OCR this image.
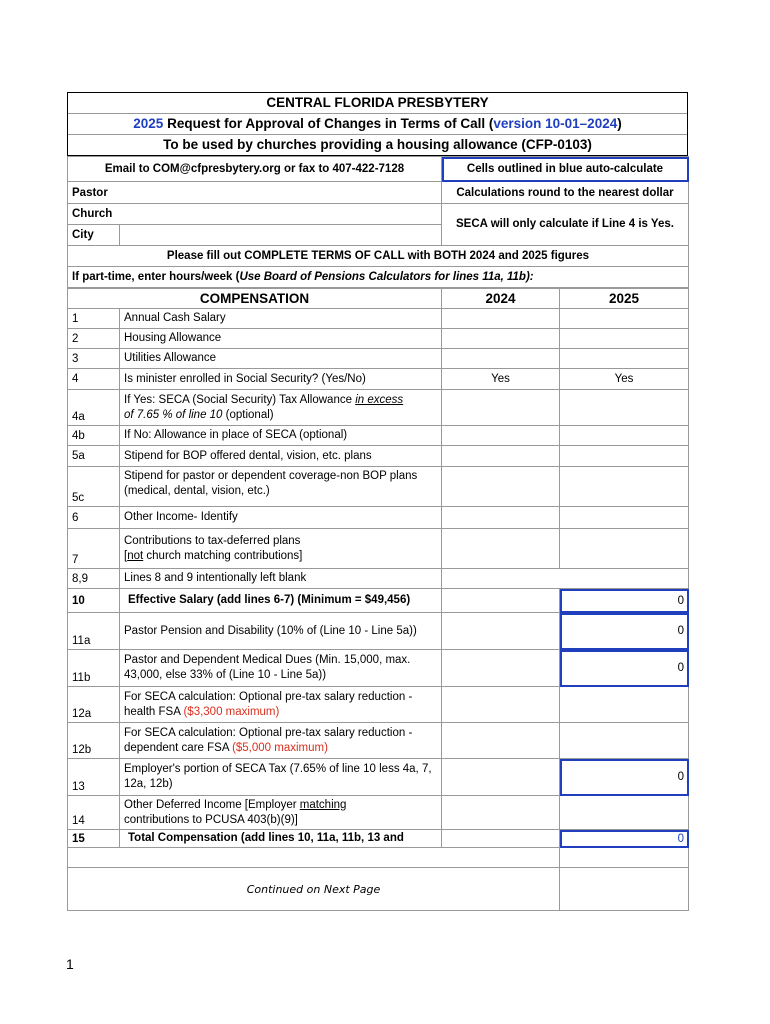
CENTRAL FLORIDA PRESBYTERY
2025 Request for Approval of Changes in Terms of Call (version 10-01–2024)
To be used by churches providing a housing allowance (CFP-0103)
Email to COM@cfpresbytery.org or fax to 407-422-7128		Cells outlined in blue auto-calculate
Pastor		Calculations round to the nearest dollar
Church		SECA will only calculate if Line 4 is Yes.
City		
Please fill out COMPLETE TERMS OF CALL with BOTH 2024 and 2025 figures		
If part-time, enter hours/week (Use Board of Pensions Calculators for lines 11a, 11b):		
COMPENSATION		2024	2025
1	Annual Cash Salary		
2	Housing Allowance		
3	Utilities Allowance		
4	Is minister enrolled in Social Security? (Yes/No)	Yes	Yes
4a	If Yes: SECA (Social Security) Tax Allowance in excess
of 7.65 % of line 10 (optional)		
4b	If No: Allowance in place of SECA (optional)		
5a	Stipend for BOP offered dental, vision, etc. plans		
5c	Stipend for pastor or dependent coverage-non BOP plans (medical, dental, vision, etc.)		
6	Other Income- Identify		
7	Contributions to tax-deferred plans
[not church matching contributions]		
8,9	Lines 8 and 9 intentionally left blank		
10	Effective Salary (add lines 6-7) (Minimum = $49,456)		0
11a	Pastor Pension and Disability (10% of (Line 10 - Line 5a))		0
11b	Pastor and Dependent Medical Dues (Min. 15,000, max. 43,000, else 33% of (Line 10 - Line 5a))		0
12a	For SECA calculation: Optional pre-tax salary reduction - health FSA ($3,300 maximum)		
12b	For SECA calculation: Optional pre-tax salary reduction - dependent care FSA ($5,000 maximum)		
13	Employer's portion of SECA Tax (7.65% of line 10 less 4a, 7, 12a, 12b)		0
14	Other Deferred Income [Employer matching
contributions to PCUSA 403(b)(9)]		
15	Total Compensation (add lines 10, 11a, 11b, 13 and		0

Continued on Next Page			
1
